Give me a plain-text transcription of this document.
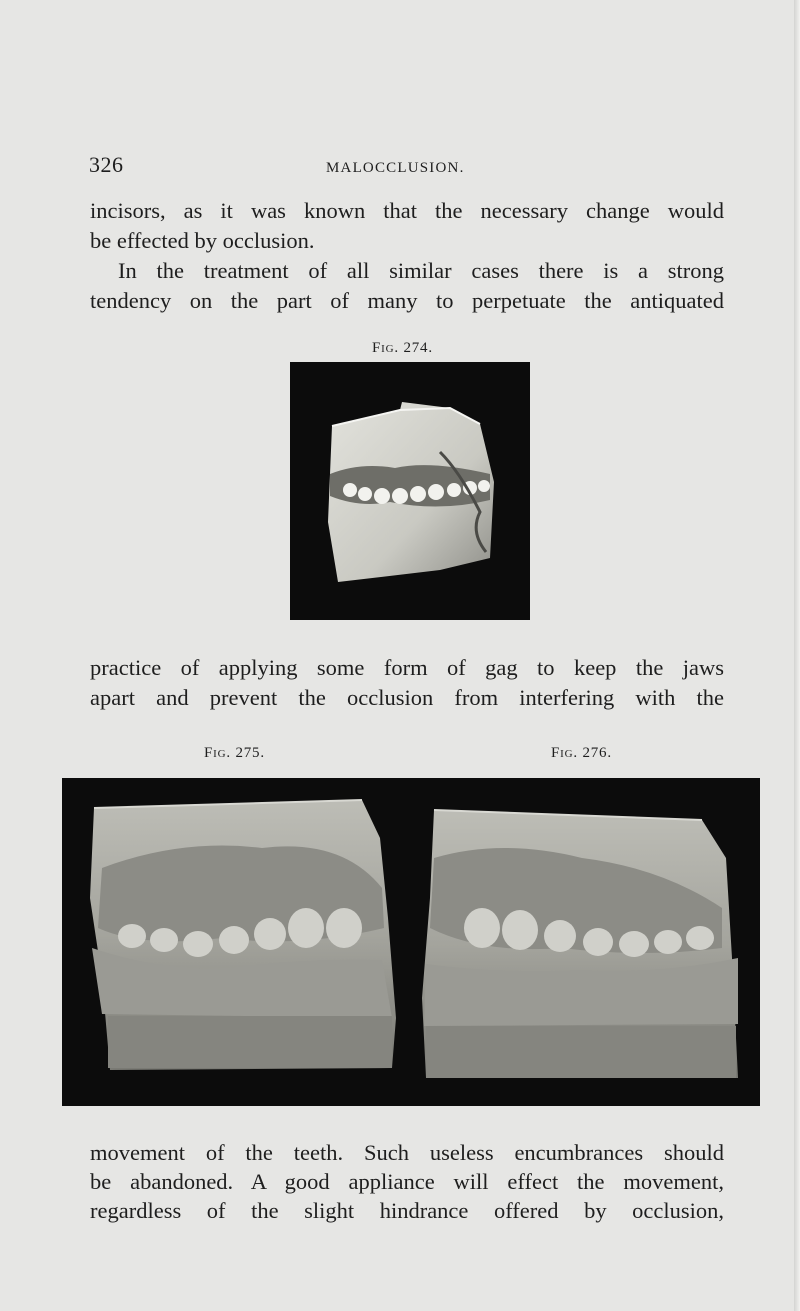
326	MALOCCLUSION.

incisors, as it was known that the necessary change would
be effected by occlusion.

In the treatment of all similar cases there is a strong
tendency on the part of many to perpetuate the antiquated

Fig. 274.

practice of applying some form of gag to keep the jaws
apart and prevent the occlusion from interfering with the

Fig. 275.	Fig. 276.

movement of the teeth. Such useless encumbrances should
be abandoned. A good appliance will effect the movement,
regardless of the slight hindrance offered by occlusion,
